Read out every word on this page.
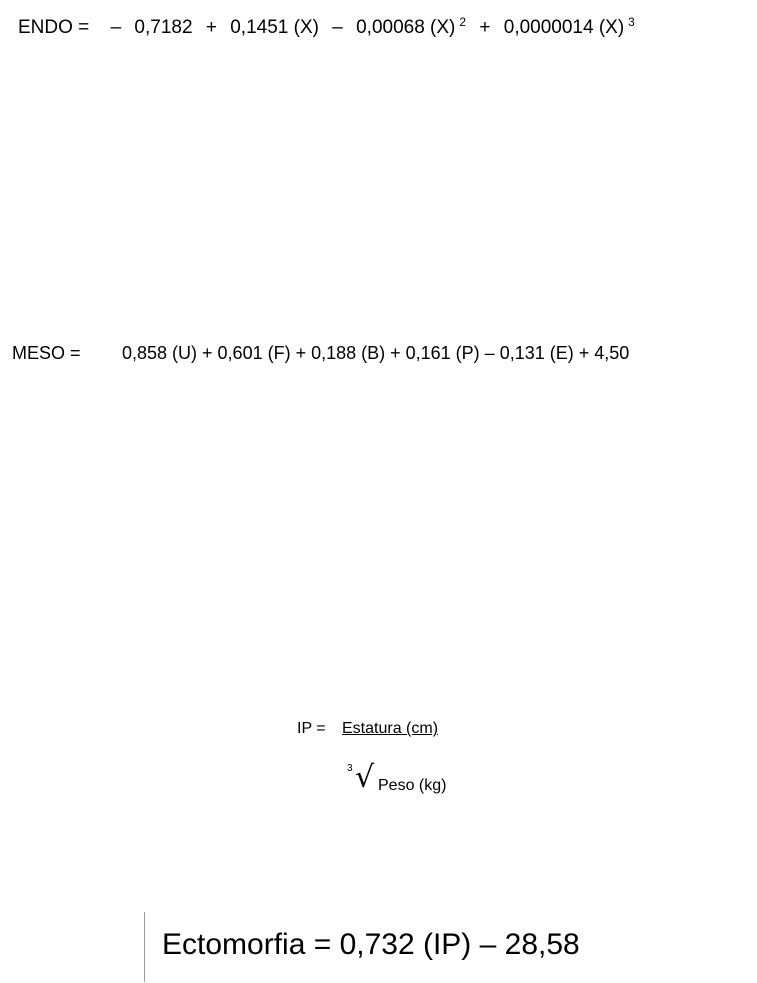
ENDO = – 0,7182 + 0,1451 (X) – 0,00068 (X) $^2$ + 0,0000014 (X) $^3$
MESO = 0,858 (U) + 0,601 (F) + 0,188 (B) + 0,161 (P) – 0,131 (E) + 4,50
IP = Estatura (cm)
3 √ Peso (kg)
Ectomorfia = 0,732 (IP) – 28,58
